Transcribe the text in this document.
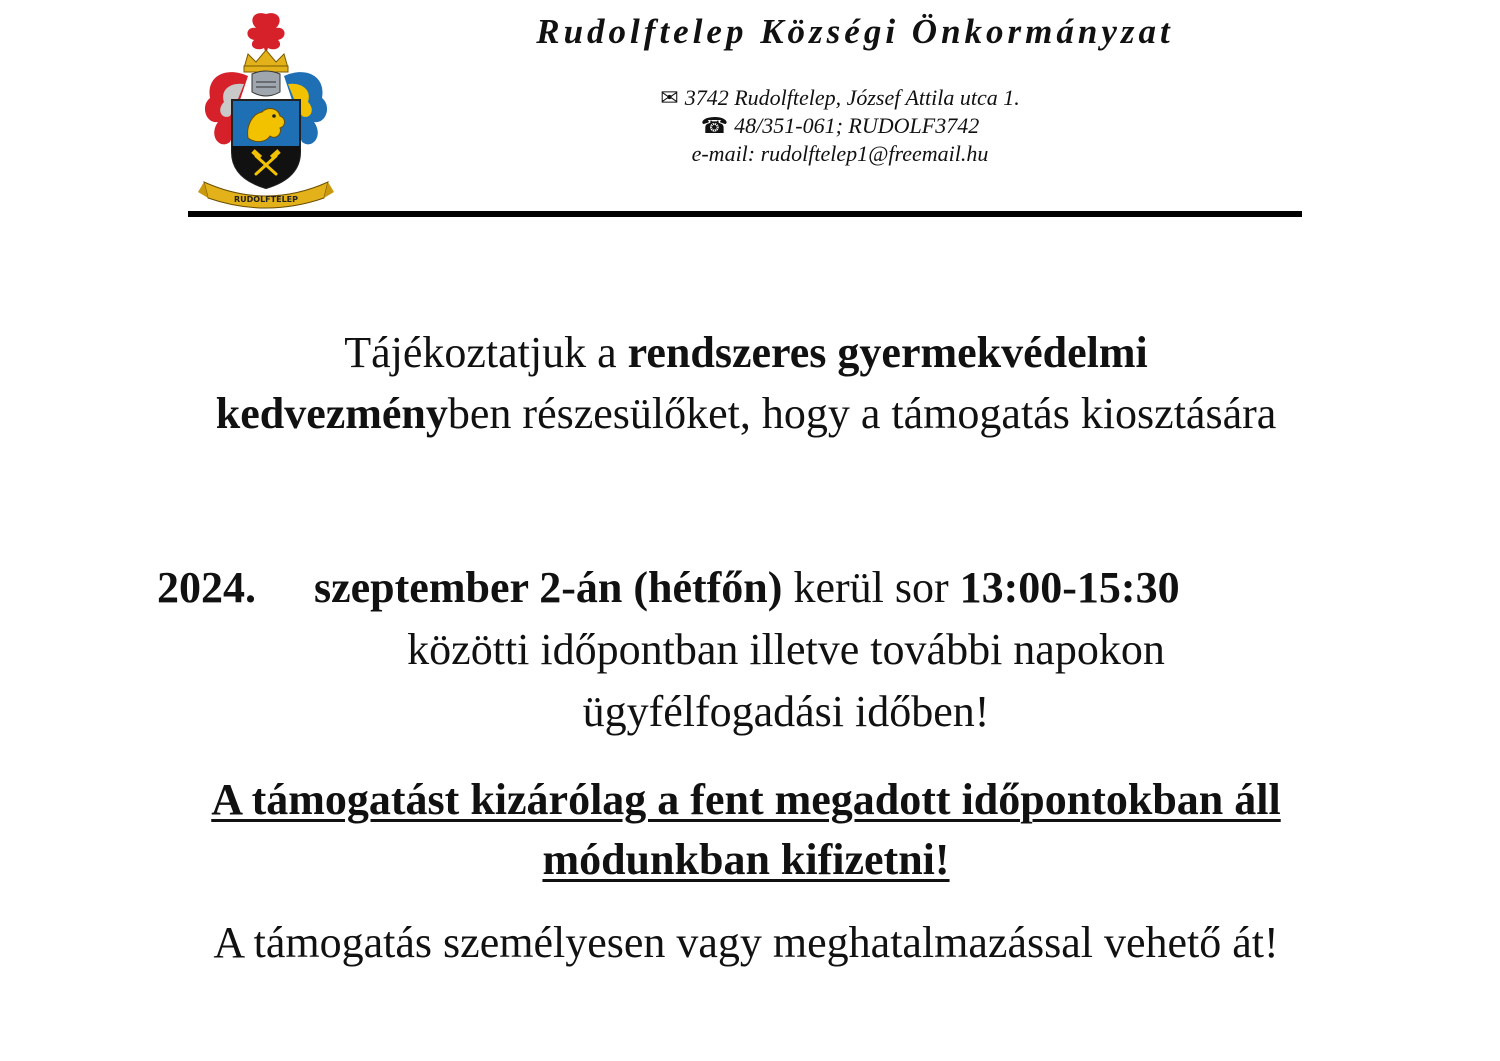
RUDOLFTELEP
Rudolftelep Községi Önkormányzat
✉ 3742 Rudolftelep, József Attila utca 1.
☎ 48/351-061; RUDOLF3742
e-mail: rudolftelep1@freemail.hu
Tájékoztatjuk a rendszeres gyermekvédelmi
kedvezményben részesülőket, hogy a támogatás kiosztására
2024. szeptember 2-án (hétfőn) kerül sor 13:00-15:30
közötti időpontban illetve további napokon
ügyfélfogadási időben!
A támogatást kizárólag a fent megadott időpontokban áll
módunkban kifizetni!
A támogatás személyesen vagy meghatalmazással vehető át!
